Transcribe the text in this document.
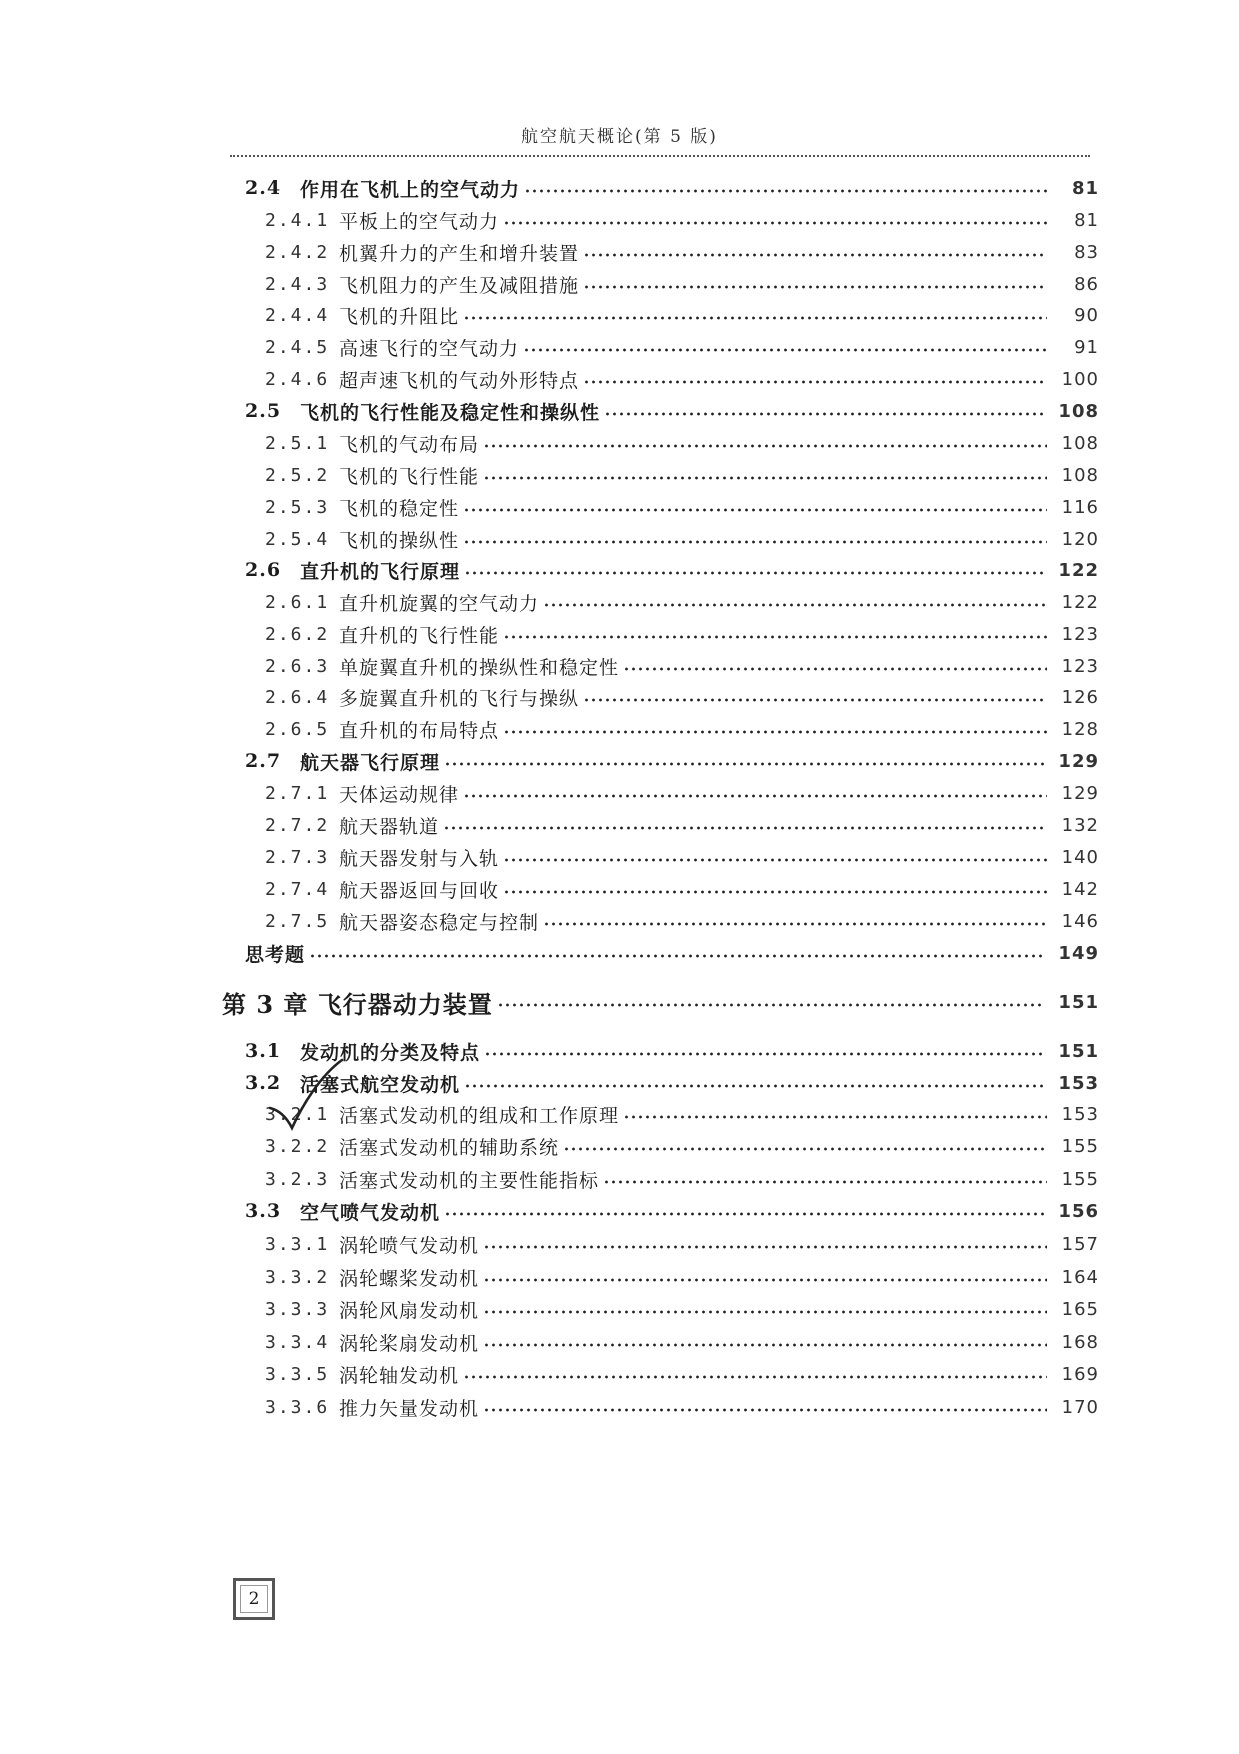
航空航天概论(第 5 版)
2.4 作用在飞机上的空气动力	81
2.4.1 平板上的空气动力	81
2.4.2 机翼升力的产生和增升装置	83
2.4.3 飞机阻力的产生及减阻措施	86
2.4.4 飞机的升阻比	90
2.4.5 高速飞行的空气动力	91
2.4.6 超声速飞机的气动外形特点	100
2.5 飞机的飞行性能及稳定性和操纵性	108
2.5.1 飞机的气动布局	108
2.5.2 飞机的飞行性能	108
2.5.3 飞机的稳定性	116
2.5.4 飞机的操纵性	120
2.6 直升机的飞行原理	122
2.6.1 直升机旋翼的空气动力	122
2.6.2 直升机的飞行性能	123
2.6.3 单旋翼直升机的操纵性和稳定性	123
2.6.4 多旋翼直升机的飞行与操纵	126
2.6.5 直升机的布局特点	128
2.7 航天器飞行原理	129
2.7.1 天体运动规律	129
2.7.2 航天器轨道	132
2.7.3 航天器发射与入轨	140
2.7.4 航天器返回与回收	142
2.7.5 航天器姿态稳定与控制	146
思考题	149
第 3 章 飞行器动力装置	151
3.1 发动机的分类及特点	151
3.2 活塞式航空发动机	153
3.2.1 活塞式发动机的组成和工作原理	153
3.2.2 活塞式发动机的辅助系统	155
3.2.3 活塞式发动机的主要性能指标	155
3.3 空气喷气发动机	156
3.3.1 涡轮喷气发动机	157
3.3.2 涡轮螺桨发动机	164
3.3.3 涡轮风扇发动机	165
3.3.4 涡轮桨扇发动机	168
3.3.5 涡轮轴发动机	169
3.3.6 推力矢量发动机	170
2
